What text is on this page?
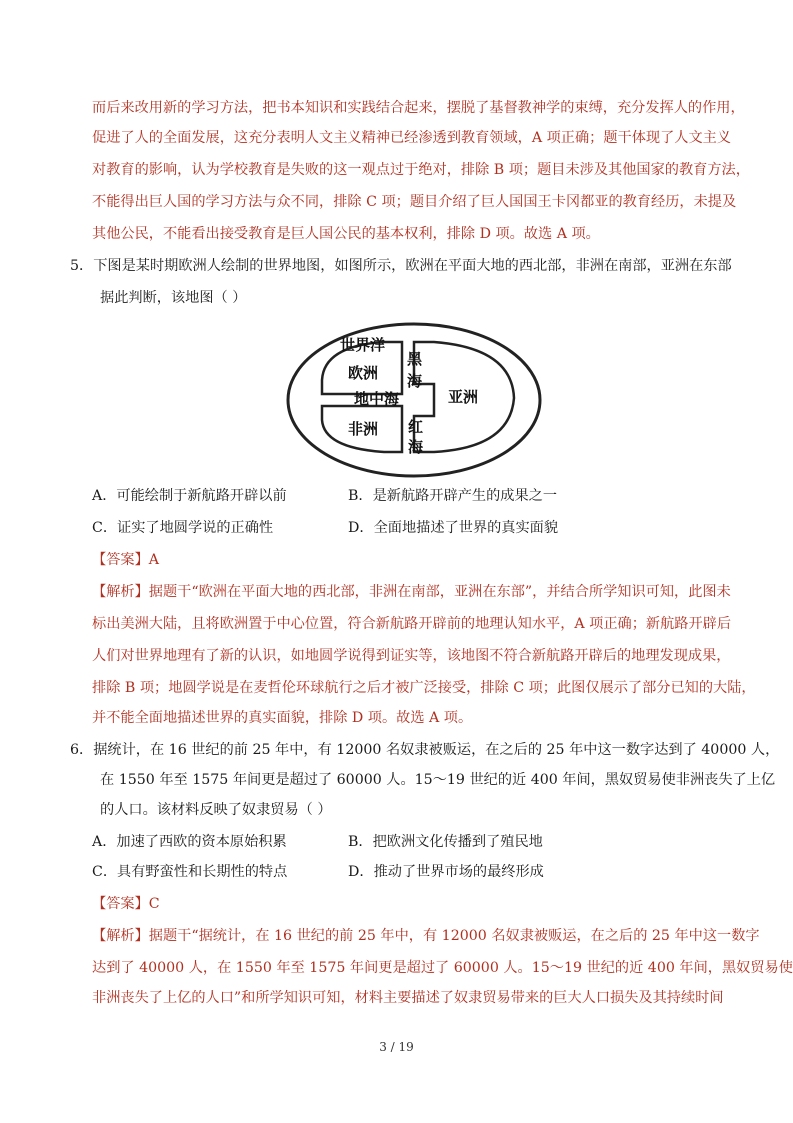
而后来改用新的学习方法，把书本知识和实践结合起来，摆脱了基督教神学的束缚，充分发挥人的作用，
促进了人的全面发展，这充分表明人文主义精神已经渗透到教育领域，A 项正确；题干体现了人文主义
对教育的影响，认为学校教育是失败的这一观点过于绝对，排除 B 项；题目未涉及其他国家的教育方法，
不能得出巨人国的学习方法与众不同，排除 C 项；题目介绍了巨人国国王卡冈都亚的教育经历，未提及
其他公民，不能看出接受教育是巨人国公民的基本权利，排除 D 项。故选 A 项。
5．下图是某时期欧洲人绘制的世界地图，如图所示，欧洲在平面大地的西北部，非洲在南部，亚洲在东部
据此判断，该地图（ ）
世界洋
欧洲
黑
海
地中海	亚洲
非洲 红
海
A．可能绘制于新航路开辟以前	B．是新航路开辟产生的成果之一
C．证实了地圆学说的正确性	D．全面地描述了世界的真实面貌
【答案】A
【解析】据题干“欧洲在平面大地的西北部，非洲在南部，亚洲在东部”，并结合所学知识可知，此图未
标出美洲大陆，且将欧洲置于中心位置，符合新航路开辟前的地理认知水平，A 项正确；新航路开辟后
人们对世界地理有了新的认识，如地圆学说得到证实等，该地图不符合新航路开辟后的地理发现成果，
排除 B 项；地圆学说是在麦哲伦环球航行之后才被广泛接受，排除 C 项；此图仅展示了部分已知的大陆，
并不能全面地描述世界的真实面貌，排除 D 项。故选 A 项。
6．据统计，在 16 世纪的前 25 年中，有 12000 名奴隶被贩运，在之后的 25 年中这一数字达到了 40000 人，
在 1550 年至 1575 年间更是超过了 60000 人。15～19 世纪的近 400 年间，黑奴贸易使非洲丧失了上亿
的人口。该材料反映了奴隶贸易（ ）
A．加速了西欧的资本原始积累	B．把欧洲文化传播到了殖民地
C．具有野蛮性和长期性的特点	D．推动了世界市场的最终形成
【答案】C
【解析】据题干“据统计，在 16 世纪的前 25 年中，有 12000 名奴隶被贩运，在之后的 25 年中这一数字
达到了 40000 人，在 1550 年至 1575 年间更是超过了 60000 人。15～19 世纪的近 400 年间，黑奴贸易使
非洲丧失了上亿的人口”和所学知识可知，材料主要描述了奴隶贸易带来的巨大人口损失及其持续时间
3 / 19
